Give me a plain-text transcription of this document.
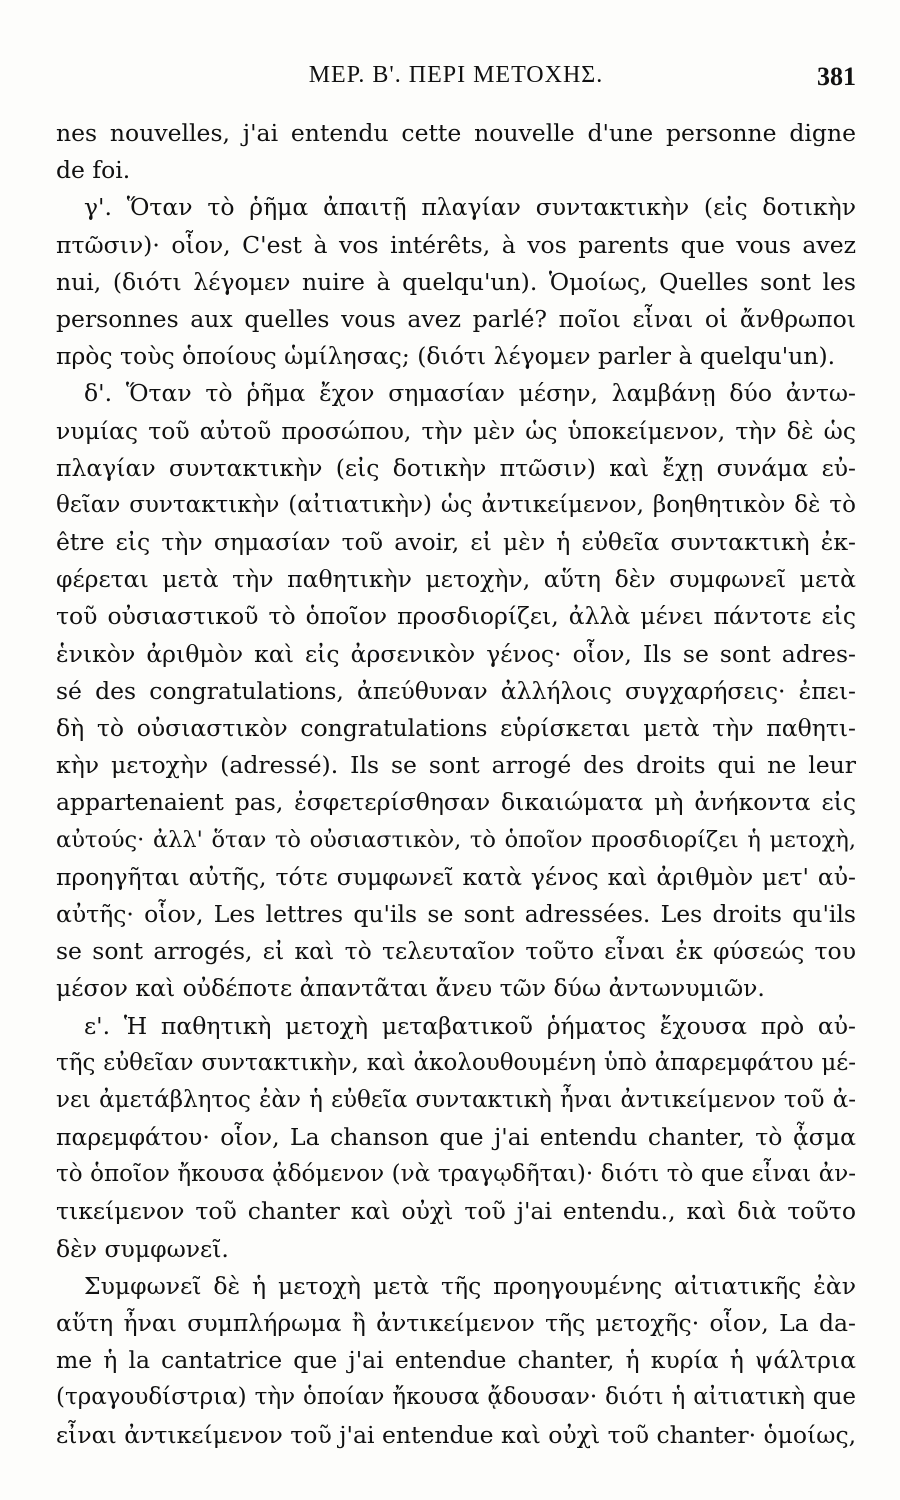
ΜΕΡ. Β'. ΠΕΡΙ ΜΕΤΟΧΗΣ.	381
nes nouvelles, j'ai entendu cette nouvelle d'une personne digne
de foi.
γ'. Ὅταν τὸ ῥῆμα ἀπαιτῇ πλαγίαν συντακτικὴν (εἰς δοτικὴν
πτῶσιν)· οἷον, C'est à vos intérêts, à vos parents que vous avez
nui, (διότι λέγομεν nuire à quelqu'un). Ὁμοίως, Quelles sont les
personnes aux quelles vous avez parlé? ποῖοι εἶναι οἱ ἄνθρωποι
πρὸς τοὺς ὁποίους ὡμίλησας; (διότι λέγομεν parler à quelqu'un).
δ'. Ὅταν τὸ ῥῆμα ἔχον σημασίαν μέσην, λαμβάνῃ δύο ἀντω-
νυμίας τοῦ αὐτοῦ προσώπου, τὴν μὲν ὡς ὑποκείμενον, τὴν δὲ ὡς
πλαγίαν συντακτικὴν (εἰς δοτικὴν πτῶσιν) καὶ ἔχῃ συνάμα εὐ-
θεῖαν συντακτικὴν (αἰτιατικὴν) ὡς ἀντικείμενον, βοηθητικὸν δὲ τὸ
être εἰς τὴν σημασίαν τοῦ avoir, εἰ μὲν ἡ εὐθεῖα συντακτικὴ ἐκ-
φέρεται μετὰ τὴν παθητικὴν μετοχὴν, αὕτη δὲν συμφωνεῖ μετὰ
τοῦ οὐσιαστικοῦ τὸ ὁποῖον προσδιορίζει, ἀλλὰ μένει πάντοτε εἰς
ἑνικὸν ἀριθμὸν καὶ εἰς ἀρσενικὸν γένος· οἷον, Ils se sont adres-
sé des congratulations, ἀπεύθυναν ἀλλήλοις συγχαρήσεις· ἐπει-
δὴ τὸ οὐσιαστικὸν congratulations εὑρίσκεται μετὰ τὴν παθητι-
κὴν μετοχὴν (adressé). Ils se sont arrogé des droits qui ne leur
appartenaient pas, ἐσφετερίσθησαν δικαιώματα μὴ ἀνήκοντα εἰς
αὐτούς· ἀλλ' ὅταν τὸ οὐσιαστικὸν, τὸ ὁποῖον προσδιορίζει ἡ μετοχὴ,
προηγῆται αὐτῆς, τότε συμφωνεῖ κατὰ γένος καὶ ἀριθμὸν μετ' αὐ-
αὐτῆς· οἷον, Les lettres qu'ils se sont adressées. Les droits qu'ils
se sont arrogés, εἰ καὶ τὸ τελευταῖον τοῦτο εἶναι ἐκ φύσεώς του
μέσον καὶ οὐδέποτε ἀπαντᾶται ἄνευ τῶν δύω ἀντωνυμιῶν.
ε'. Ἡ παθητικὴ μετοχὴ μεταβατικοῦ ῥήματος ἔχουσα πρὸ αὐ-
τῆς εὐθεῖαν συντακτικὴν, καὶ ἀκολουθουμένη ὑπὸ ἀπαρεμφάτου μέ-
νει ἀμετάβλητος ἐὰν ἡ εὐθεῖα συντακτικὴ ἦναι ἀντικείμενον τοῦ ἀ-
παρεμφάτου· οἷον, La chanson que j'ai entendu chanter, τὸ ᾆσμα
τὸ ὁποῖον ἤκουσα ᾀδόμενον (νὰ τραγῳδῆται)· διότι τὸ que εἶναι ἀν-
τικείμενον τοῦ chanter καὶ οὐχὶ τοῦ j'ai entendu., καὶ διὰ τοῦτο
δὲν συμφωνεῖ.
Συμφωνεῖ δὲ ἡ μετοχὴ μετὰ τῆς προηγουμένης αἰτιατικῆς ἐὰν
αὕτη ἦναι συμπλήρωμα ἢ ἀντικείμενον τῆς μετοχῆς· οἷον, La da-
me ἡ la cantatrice que j'ai entendue chanter, ἡ κυρία ἡ ψάλτρια
(τραγουδίστρια) τὴν ὁποίαν ἤκουσα ᾄδουσαν· διότι ἡ αἰτιατικὴ que
εἶναι ἀντικείμενον τοῦ j'ai entendue καὶ οὐχὶ τοῦ chanter· ὁμοίως,
